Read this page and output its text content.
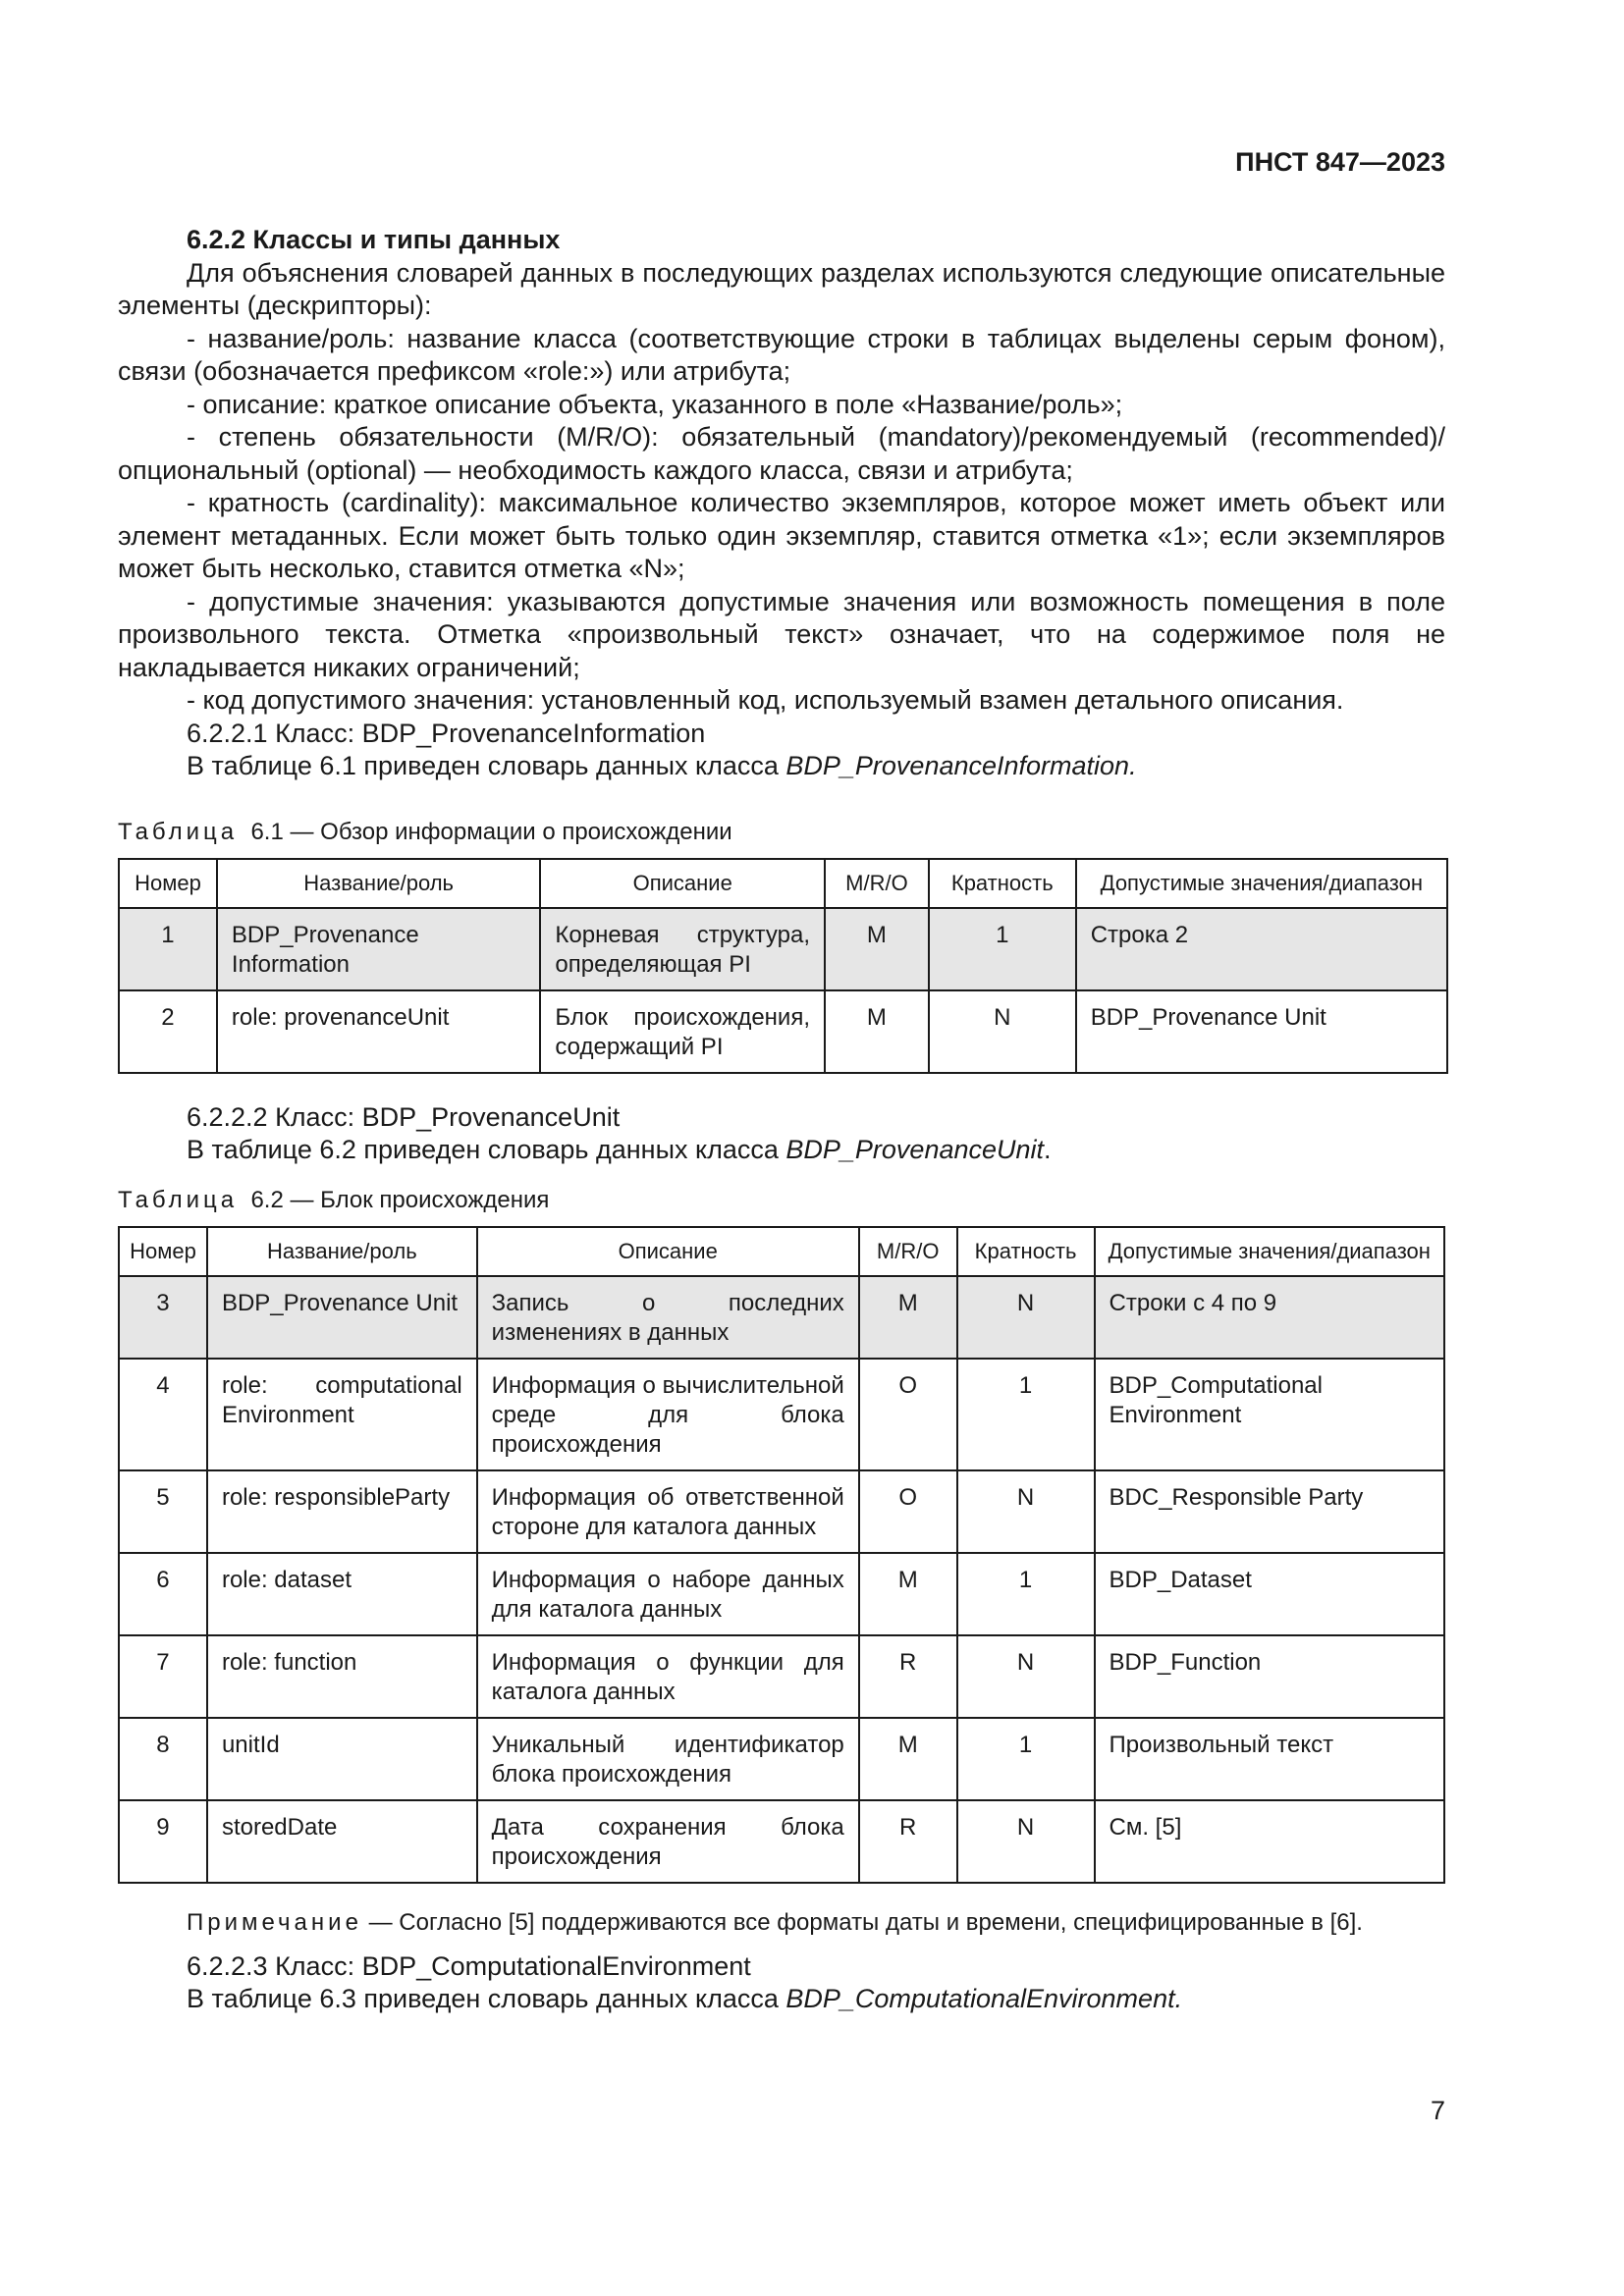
ПНСТ 847—2023

6.2.2 Классы и типы данных

Для объяснения словарей данных в последующих разделах используются следующие описательные элементы (дескрипторы):

- название/роль: название класса (соответствующие строки в таблицах выделены серым фоном), связи (обозначается префиксом «role:») или атрибута;

- описание: краткое описание объекта, указанного в поле «Название/роль»;

- степень обязательности (M/R/O): обязательный (mandatory)/рекомендуемый (recommended)/опциональный (optional) — необходимость каждого класса, связи и атрибута;

- кратность (cardinality): максимальное количество экземпляров, которое может иметь объект или элемент метаданных. Если может быть только один экземпляр, ставится отметка «1»; если экземпляров может быть несколько, ставится отметка «N»;

- допустимые значения: указываются допустимые значения или возможность помещения в поле произвольного текста. Отметка «произвольный текст» означает, что на содержимое поля не накладывается никаких ограничений;

- код допустимого значения: установленный код, используемый взамен детального описания.

6.2.2.1 Класс: BDP_ProvenanceInformation

В таблице 6.1 приведен словарь данных класса BDP_ProvenanceInformation.

Таблица 6.1 — Обзор информации о происхождении

Номер	Название/роль	Описание	M/R/O	Кратность	Допустимые значения/диапазон
1	BDP_Provenance Information	Корневая структура, определяющая PI	M	1	Строка 2
2	role: provenanceUnit	Блок происхождения, содержащий PI	M	N	BDP_Provenance Unit

6.2.2.2 Класс: BDP_ProvenanceUnit

В таблице 6.2 приведен словарь данных класса BDP_ProvenanceUnit.

Таблица 6.2 — Блок происхождения

Номер	Название/роль	Описание	M/R/O	Кратность	Допустимые значения/диапазон
3	BDP_Provenance Unit	Запись о последних изменениях в данных	M	N	Строки с 4 по 9
4	role: computational Environment	Информация о вычислительной среде для блока происхождения	O	1	BDP_Computational Environment
5	role: responsibleParty	Информация об ответственной стороне для каталога данных	O	N	BDC_Responsible Party
6	role: dataset	Информация о наборе данных для каталога данных	M	1	BDP_Dataset
7	role: function	Информация о функции для каталога данных	R	N	BDP_Function
8	unitId	Уникальный идентификатор блока происхождения	M	1	Произвольный текст
9	storedDate	Дата сохранения блока происхождения	R	N	См. [5]

Примечание — Согласно [5] поддерживаются все форматы даты и времени, специфицированные в [6].

6.2.2.3 Класс: BDP_ComputationalEnvironment

В таблице 6.3 приведен словарь данных класса BDP_ComputationalEnvironment.

7
